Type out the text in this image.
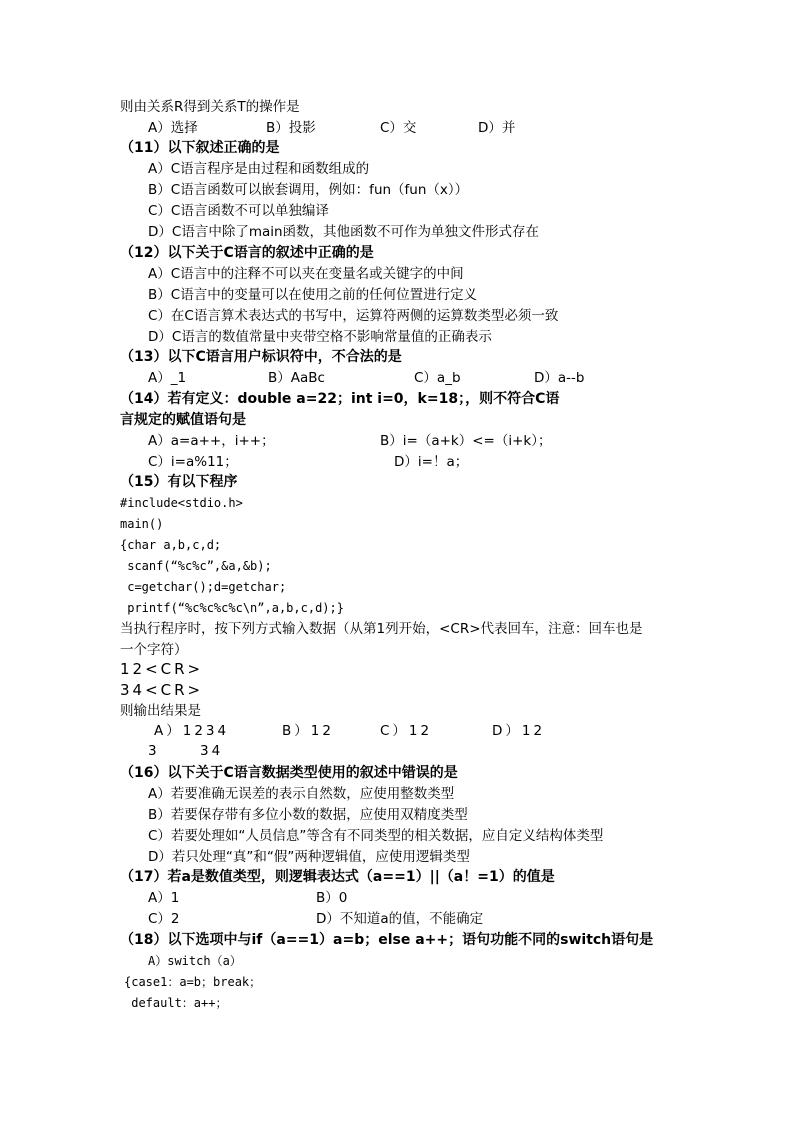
则由关系R得到关系T的操作是
A）选择	B）投影	C）交	D）并
（11）以下叙述正确的是
A）C语言程序是由过程和函数组成的
B）C语言函数可以嵌套调用，例如：fun（fun（x））
C）C语言函数不可以单独编译
D）C语言中除了main函数，其他函数不可作为单独文件形式存在
（12）以下关于C语言的叙述中正确的是
A）C语言中的注释不可以夹在变量名或关键字的中间
B）C语言中的变量可以在使用之前的任何位置进行定义
C）在C语言算术表达式的书写中，运算符两侧的运算数类型必须一致
D）C语言的数值常量中夹带空格不影响常量值的正确表示
（13）以下C语言用户标识符中，不合法的是
A）_1	B）AaBc	C）a_b	D）a--b
（14）若有定义：double a=22；int i=0，k=18；，则不符合C语
言规定的赋值语句是
A）a=a++，i++；	B）i=（a+k）<=（i+k）；
C）i=a%11；	D）i=！a；
（15）有以下程序
#include<stdio.h>
main()
{char a,b,c,d;
scanf(“%c%c”,&a,&b);
c=getchar();d=getchar;
printf(“%c%c%c%c\n”,a,b,c,d);}
当执行程序时，按下列方式输入数据（从第1列开始，<CR>代表回车，注意：回车也是
一个字符）
12<CR>
34<CR>
则输出结果是
A）1234	B）12	C）12	D）12
3	34
（16）以下关于C语言数据类型使用的叙述中错误的是
A）若要准确无误差的表示自然数，应使用整数类型
B）若要保存带有多位小数的数据，应使用双精度类型
C）若要处理如“人员信息”等含有不同类型的相关数据，应自定义结构体类型
D）若只处理“真”和“假”两种逻辑值，应使用逻辑类型
（17）若a是数值类型，则逻辑表达式（a==1）||（a！=1）的值是
A）1	B）0
C）2	D）不知道a的值，不能确定
（18）以下选项中与if（a==1）a=b；else a++；语句功能不同的switch语句是
A）switch（a）
{case1：a=b；break；
default：a++；
